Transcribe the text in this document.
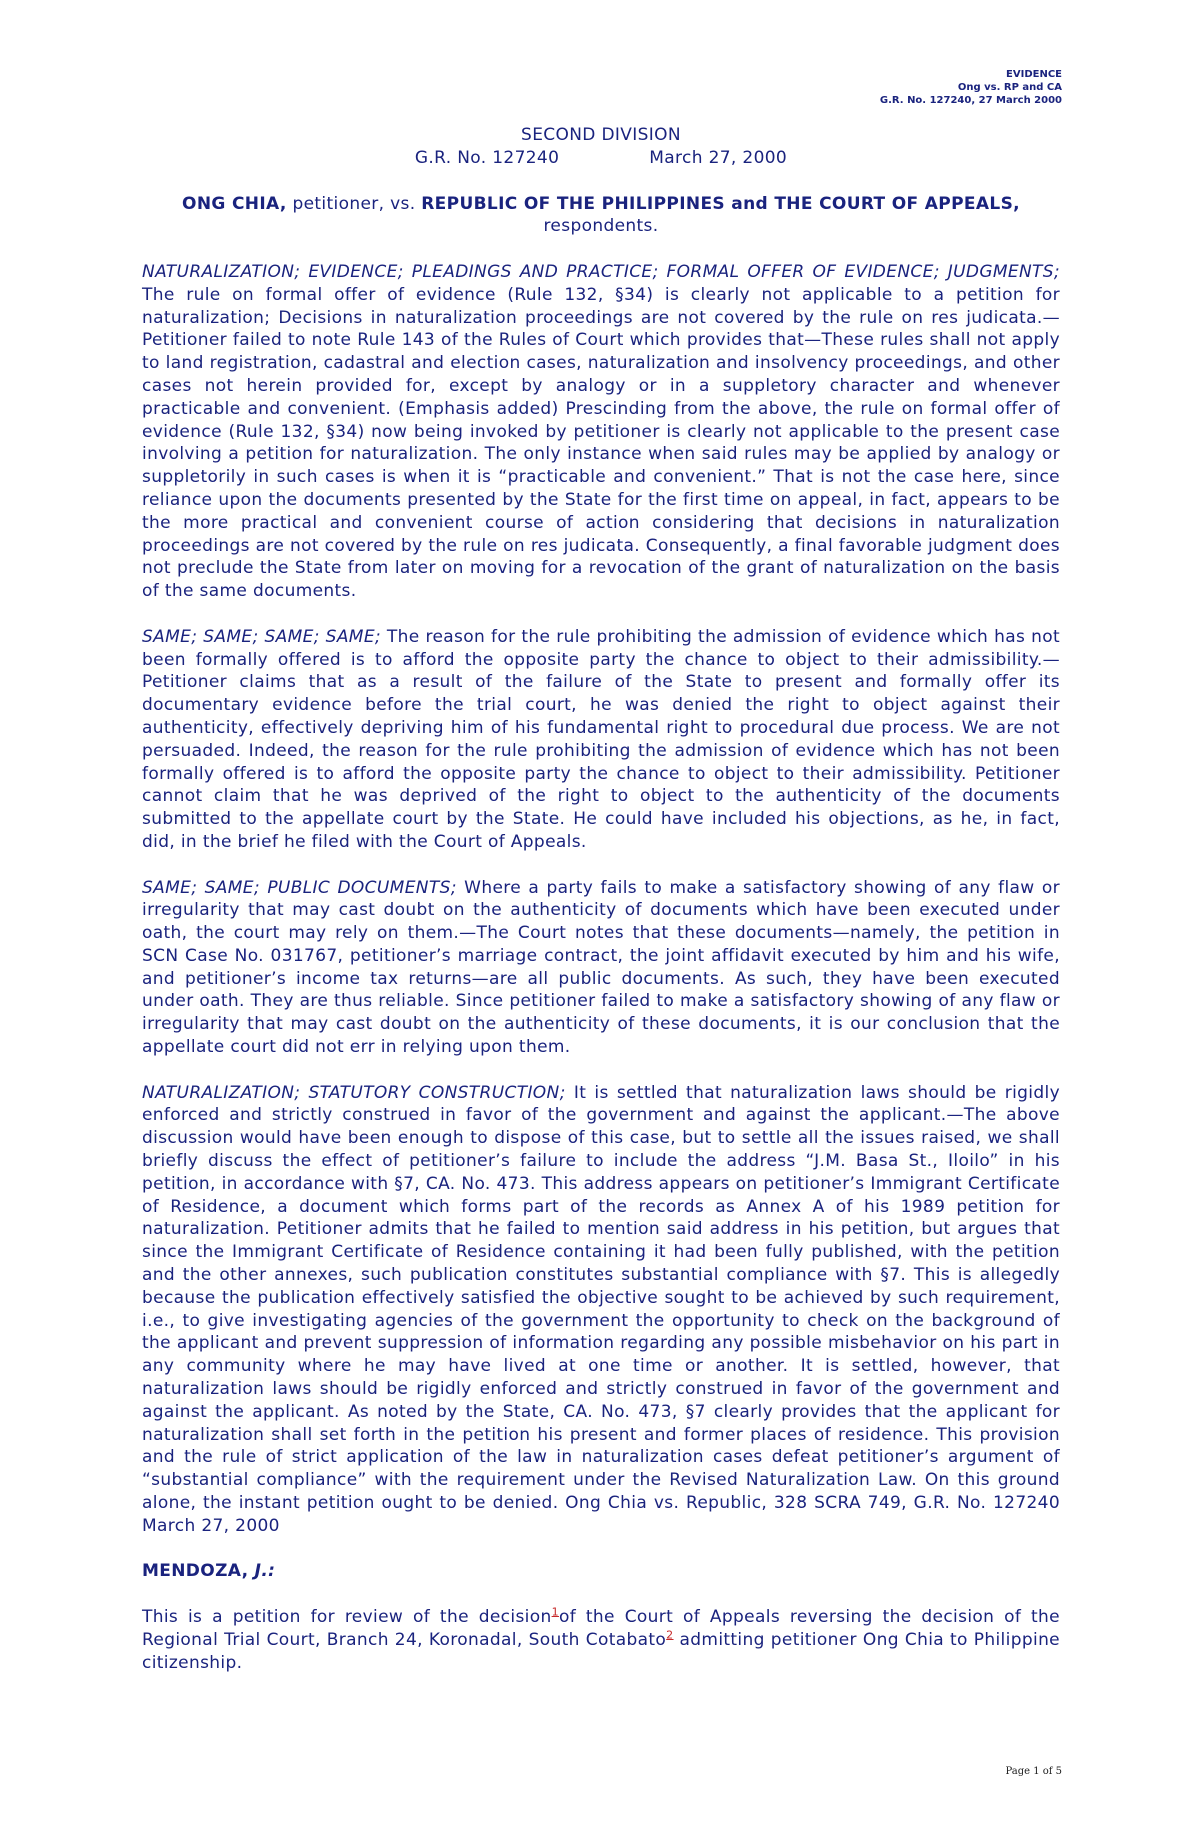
EVIDENCE
Ong vs. RP and CA
G.R. No. 127240, 27 March 2000

SECOND DIVISION

G.R. No. 127240	March 27, 2000

ONG CHIA, petitioner, vs. REPUBLIC OF THE PHILIPPINES and THE COURT OF APPEALS, respondents.

NATURALIZATION; EVIDENCE; PLEADINGS AND PRACTICE; FORMAL OFFER OF EVIDENCE; JUDGMENTS; The rule on formal offer of evidence (Rule 132, §34) is clearly not applicable to a petition for naturalization; Decisions in naturalization proceedings are not covered by the rule on res judicata.—Petitioner failed to note Rule 143 of the Rules of Court which provides that—These rules shall not apply to land registration, cadastral and election cases, naturalization and insolvency proceedings, and other cases not herein provided for, except by analogy or in a suppletory character and whenever practicable and convenient. (Emphasis added) Prescinding from the above, the rule on formal offer of evidence (Rule 132, §34) now being invoked by petitioner is clearly not applicable to the present case involving a petition for naturalization. The only instance when said rules may be applied by analogy or suppletorily in such cases is when it is “practicable and convenient.” That is not the case here, since reliance upon the documents presented by the State for the first time on appeal, in fact, appears to be the more practical and convenient course of action considering that decisions in naturalization proceedings are not covered by the rule on res judicata. Consequently, a final favorable judgment does not preclude the State from later on moving for a revocation of the grant of naturalization on the basis of the same documents.

SAME; SAME; SAME; SAME; The reason for the rule prohibiting the admission of evidence which has not been formally offered is to afford the opposite party the chance to object to their admissibility.—Petitioner claims that as a result of the failure of the State to present and formally offer its documentary evidence before the trial court, he was denied the right to object against their authenticity, effectively depriving him of his fundamental right to procedural due process. We are not persuaded. Indeed, the reason for the rule prohibiting the admission of evidence which has not been formally offered is to afford the opposite party the chance to object to their admissibility. Petitioner cannot claim that he was deprived of the right to object to the authenticity of the documents submitted to the appellate court by the State. He could have included his objections, as he, in fact, did, in the brief he filed with the Court of Appeals.

SAME; SAME; PUBLIC DOCUMENTS; Where a party fails to make a satisfactory showing of any flaw or irregularity that may cast doubt on the authenticity of documents which have been executed under oath, the court may rely on them.—The Court notes that these documents—namely, the petition in SCN Case No. 031767, petitioner’s marriage contract, the joint affidavit executed by him and his wife, and petitioner’s income tax returns—are all public documents. As such, they have been executed under oath. They are thus reliable. Since petitioner failed to make a satisfactory showing of any flaw or irregularity that may cast doubt on the authenticity of these documents, it is our conclusion that the appellate court did not err in relying upon them.

NATURALIZATION; STATUTORY CONSTRUCTION; It is settled that naturalization laws should be rigidly enforced and strictly construed in favor of the government and against the applicant.—The above discussion would have been enough to dispose of this case, but to settle all the issues raised, we shall briefly discuss the effect of petitioner’s failure to include the address “J.M. Basa St., Iloilo” in his petition, in accordance with §7, CA. No. 473. This address appears on petitioner’s Immigrant Certificate of Residence, a document which forms part of the records as Annex A of his 1989 petition for naturalization. Petitioner admits that he failed to mention said address in his petition, but argues that since the Immigrant Certificate of Residence containing it had been fully published, with the petition and the other annexes, such publication constitutes substantial compliance with §7. This is allegedly because the publication effectively satisfied the objective sought to be achieved by such requirement, i.e., to give investigating agencies of the government the opportunity to check on the background of the applicant and prevent suppression of information regarding any possible misbehavior on his part in any community where he may have lived at one time or another. It is settled, however, that naturalization laws should be rigidly enforced and strictly construed in favor of the government and against the applicant. As noted by the State, CA. No. 473, §7 clearly provides that the applicant for naturalization shall set forth in the petition his present and former places of residence. This provision and the rule of strict application of the law in naturalization cases defeat petitioner’s argument of “substantial compliance” with the requirement under the Revised Naturalization Law. On this ground alone, the instant petition ought to be denied. Ong Chia vs. Republic, 328 SCRA 749, G.R. No. 127240 March 27, 2000

MENDOZA, J.:

This is a petition for review of the decision$^1$of the Court of Appeals reversing the decision of the Regional Trial Court, Branch 24, Koronadal, South Cotabato$^2$ admitting petitioner Ong Chia to Philippine citizenship.

Page 1 of 5
